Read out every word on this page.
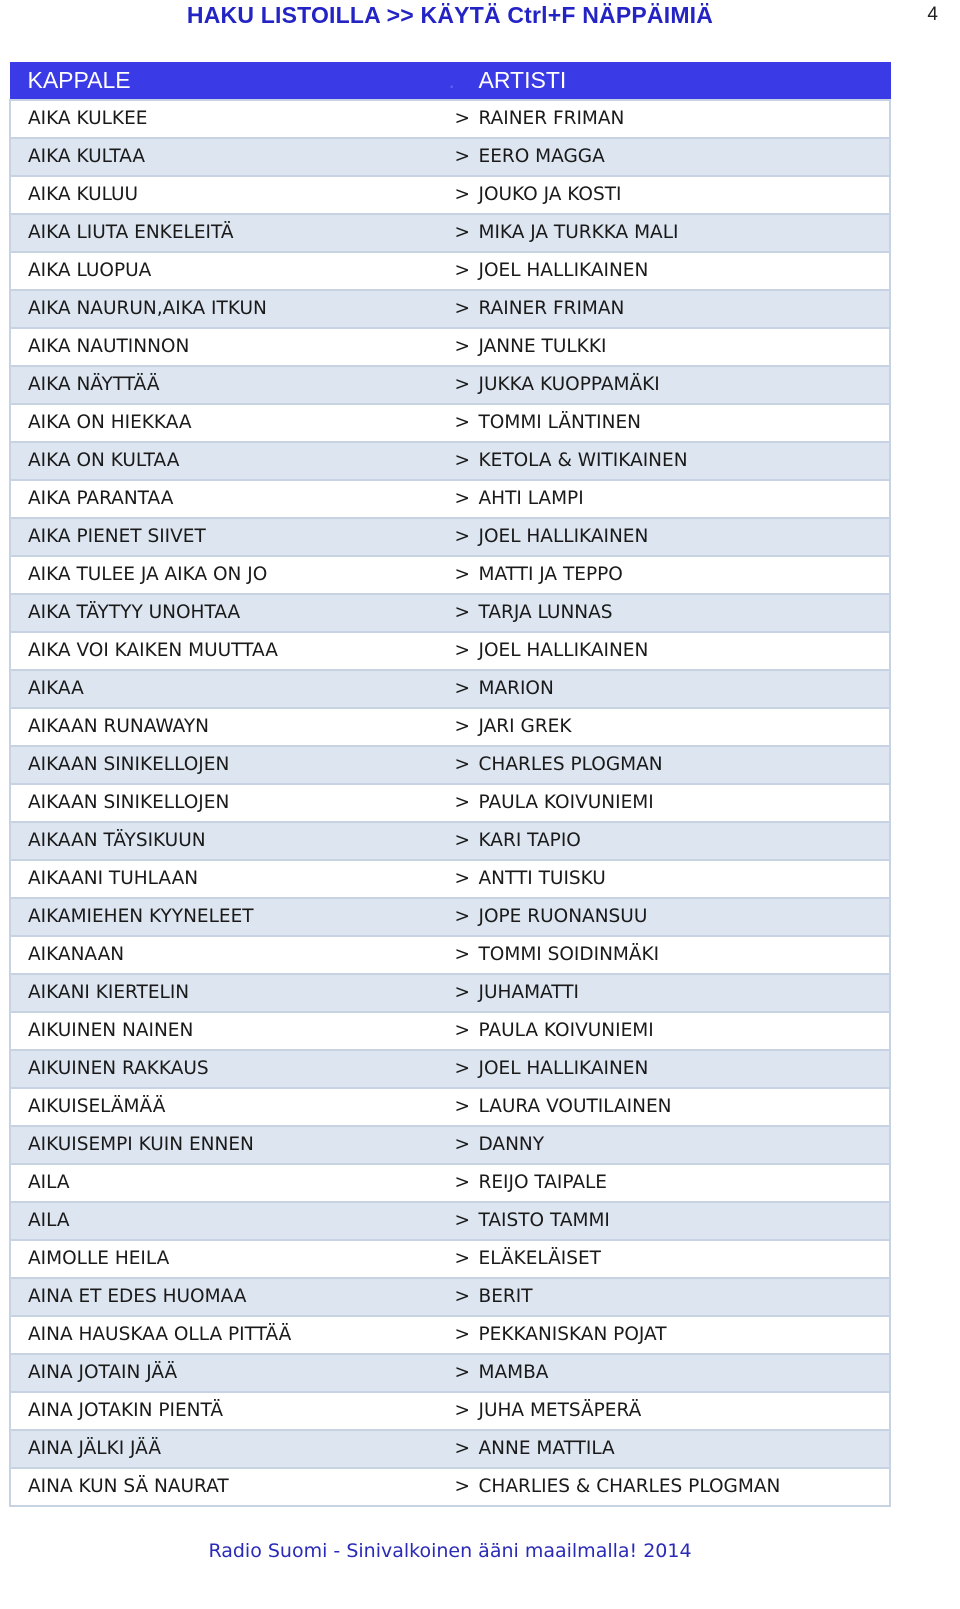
HAKU LISTOILLA >> KÄYTÄ Ctrl+F NÄPPÄIMIÄ	4
KAPPALE	.	ARTISTI
AIKA KULKEE	>	RAINER FRIMAN
AIKA KULTAA	>	EERO MAGGA
AIKA KULUU	>	JOUKO JA KOSTI
AIKA LIUTA ENKELEITÄ	>	MIKA JA TURKKA MALI
AIKA LUOPUA	>	JOEL HALLIKAINEN
AIKA NAURUN,AIKA ITKUN	>	RAINER FRIMAN
AIKA NAUTINNON	>	JANNE TULKKI
AIKA NÄYTTÄÄ	>	JUKKA KUOPPAMÄKI
AIKA ON HIEKKAA	>	TOMMI LÄNTINEN
AIKA ON KULTAA	>	KETOLA & WITIKAINEN
AIKA PARANTAA	>	AHTI LAMPI
AIKA PIENET SIIVET	>	JOEL HALLIKAINEN
AIKA TULEE JA AIKA ON JO	>	MATTI JA TEPPO
AIKA TÄYTYY UNOHTAA	>	TARJA LUNNAS
AIKA VOI KAIKEN MUUTTAA	>	JOEL HALLIKAINEN
AIKAA	>	MARION
AIKAAN RUNAWAYN	>	JARI GREK
AIKAAN SINIKELLOJEN	>	CHARLES PLOGMAN
AIKAAN SINIKELLOJEN	>	PAULA KOIVUNIEMI
AIKAAN TÄYSIKUUN	>	KARI TAPIO
AIKAANI TUHLAAN	>	ANTTI TUISKU
AIKAMIEHEN KYYNELEET	>	JOPE RUONANSUU
AIKANAAN	>	TOMMI SOIDINMÄKI
AIKANI KIERTELIN	>	JUHAMATTI
AIKUINEN NAINEN	>	PAULA KOIVUNIEMI
AIKUINEN RAKKAUS	>	JOEL HALLIKAINEN
AIKUISELÄMÄÄ	>	LAURA VOUTILAINEN
AIKUISEMPI KUIN ENNEN	>	DANNY
AILA	>	REIJO TAIPALE
AILA	>	TAISTO TAMMI
AIMOLLE HEILA	>	ELÄKELÄISET
AINA ET EDES HUOMAA	>	BERIT
AINA HAUSKAA OLLA PITTÄÄ	>	PEKKANISKAN POJAT
AINA JOTAIN JÄÄ	>	MAMBA
AINA JOTAKIN PIENTÄ	>	JUHA METSÄPERÄ
AINA JÄLKI JÄÄ	>	ANNE MATTILA
AINA KUN SÄ NAURAT	>	CHARLIES & CHARLES PLOGMAN
Radio Suomi - Sinivalkoinen ääni maailmalla! 2014
